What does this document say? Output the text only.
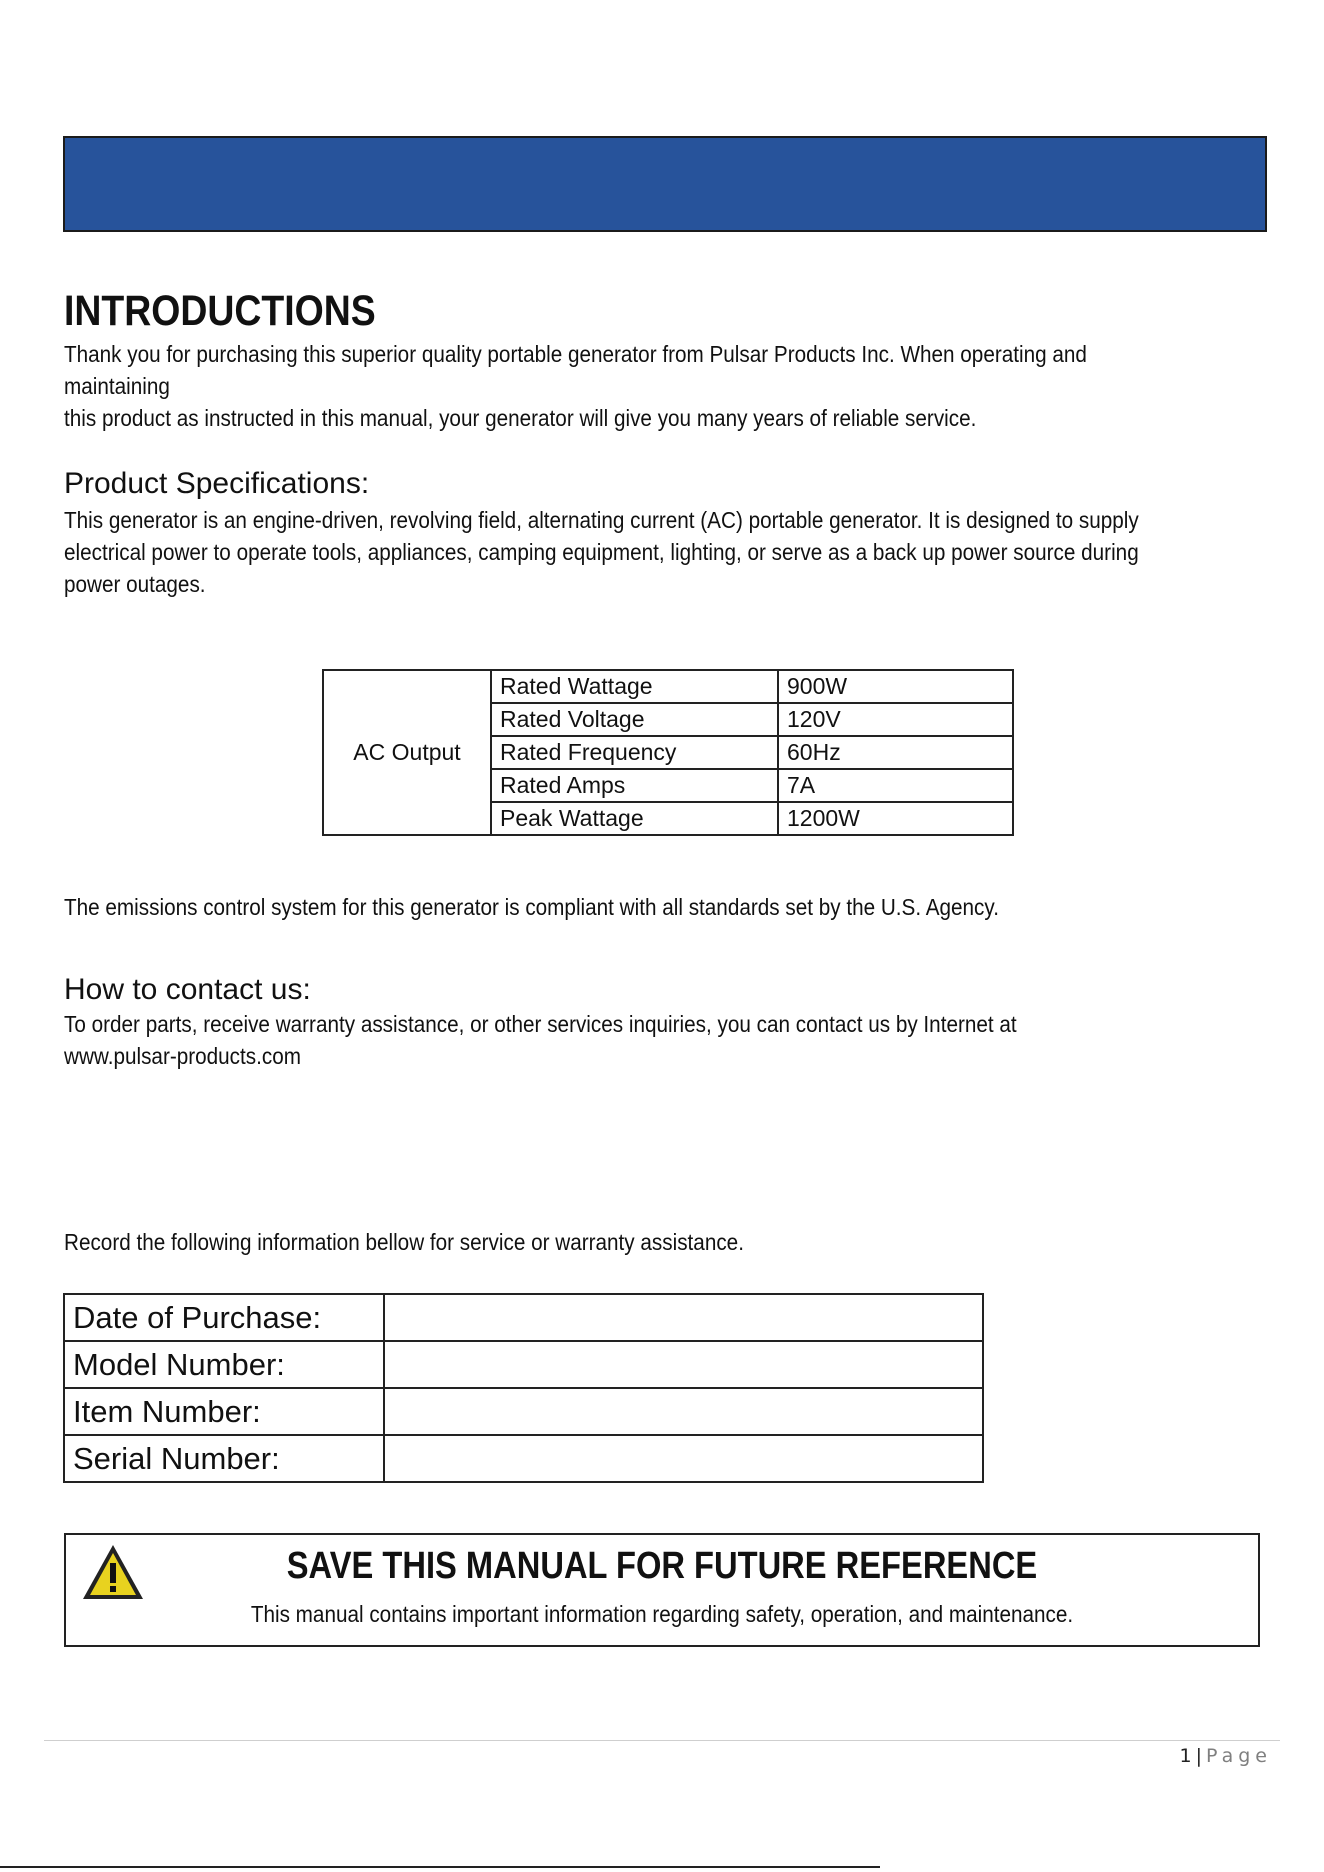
INTRODUCTIONS

Thank you for purchasing this superior quality portable generator from Pulsar Products Inc. When operating and maintaining
this product as instructed in this manual, your generator will give you many years of reliable service.

Product Specifications:

This generator is an engine-driven, revolving field, alternating current (AC) portable generator. It is designed to supply
electrical power to operate tools, appliances, camping equipment, lighting, or serve as a back up power source during
power outages.

AC Output	Rated Wattage	900W
	Rated Voltage	120V
	Rated Frequency	60Hz
	Rated Amps	7A
	Peak Wattage	1200W

The emissions control system for this generator is compliant with all standards set by the U.S. Agency.

How to contact us:

To order parts, receive warranty assistance, or other services inquiries, you can contact us by Internet at
www.pulsar-products.com

Record the following information bellow for service or warranty assistance.

Date of Purchase:	
Model Number:	
Item Number:	
Serial Number:	
SAVE THIS MANUAL FOR FUTURE REFERENCE
This manual contains important information regarding safety, operation, and maintenance.
1 | Page
